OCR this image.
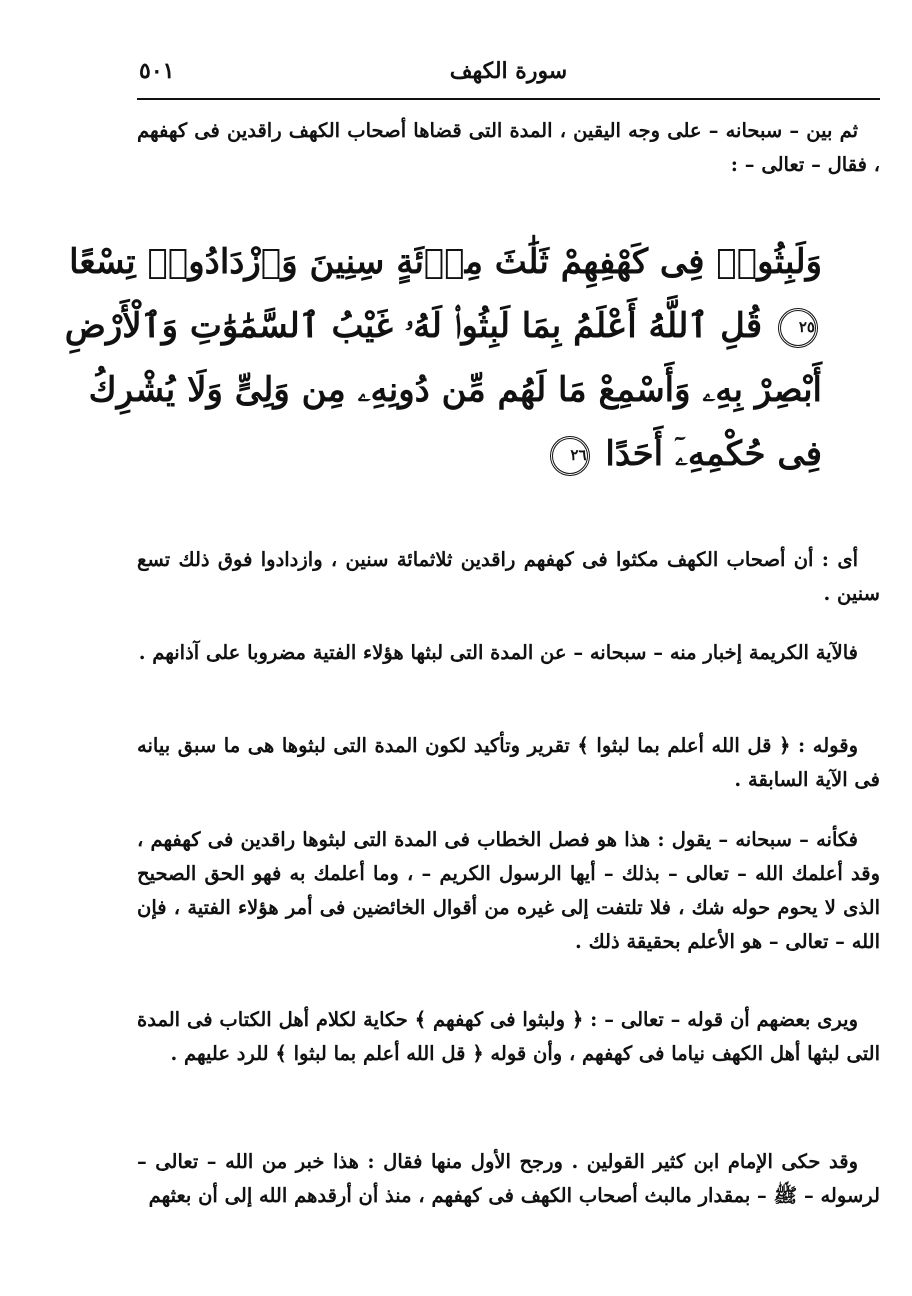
سورة الكهف
٥٠١

ثم بين – سبحانه – على وجه اليقين ، المدة التى قضاها أصحاب الكهف راقدين فى كهفهم ، فقال – تعالى – :

وَلَبِثُوا۟ فِى كَهْفِهِمْ ثَلَٰثَ مِا۟ئَةٍ سِنِينَ وَٱزْدَادُوا۟ تِسْعًا
٢٥ قُلِ ٱللَّهُ أَعْلَمُ بِمَا لَبِثُوا۟ لَهُۥ غَيْبُ ٱلسَّمَٰوَٰتِ وَٱلْأَرْضِ
أَبْصِرْ بِهِۦ وَأَسْمِعْ مَا لَهُم مِّن دُونِهِۦ مِن وَلِىٍّ وَلَا يُشْرِكُ
فِى حُكْمِهِۦٓ أَحَدًا ٢٦

أى : أن أصحاب الكهف مكثوا فى كهفهم راقدين ثلاثمائة سنين ، وازدادوا فوق ذلك تسع سنين .

فالآية الكريمة إخبار منه – سبحانه – عن المدة التى لبثها هؤلاء الفتية مضروبا على آذانهم .

وقوله : ﴿ قل الله أعلم بما لبثوا ﴾ تقرير وتأكيد لكون المدة التى لبثوها هى ما سبق بيانه فى الآية السابقة .

فكأنه – سبحانه – يقول : هذا هو فصل الخطاب فى المدة التى لبثوها راقدين فى كهفهم ، وقد أعلمك الله – تعالى – بذلك – أيها الرسول الكريم – ، وما أعلمك به فهو الحق الصحيح الذى لا يحوم حوله شك ، فلا تلتفت إلى غيره من أقوال الخائضين فى أمر هؤلاء الفتية ، فإن الله – تعالى – هو الأعلم بحقيقة ذلك .

ويرى بعضهم أن قوله – تعالى – : ﴿ ولبثوا فى كهفهم ﴾ حكاية لكلام أهل الكتاب فى المدة التى لبثها أهل الكهف نياما فى كهفهم ، وأن قوله ﴿ قل الله أعلم بما لبثوا ﴾ للرد عليهم .

وقد حكى الإمام ابن كثير القولين . ورجح الأول منها فقال : هذا خبر من الله – تعالى – لرسوله – ﷺ – بمقدار مالبث أصحاب الكهف فى كهفهم ، منذ أن أرقدهم الله إلى أن بعثهم
